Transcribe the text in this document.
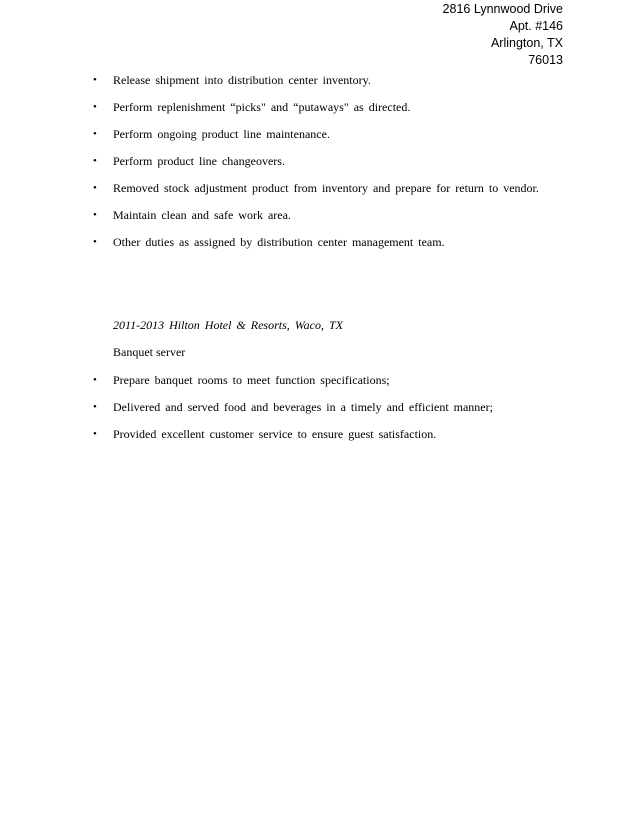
2816 Lynnwood Drive
Apt. #146
Arlington, TX
76013
• Release shipment into distribution center inventory.
• Perform replenishment “picks" and “putaways" as directed.
• Perform ongoing product line maintenance.
• Perform product line changeovers.
• Removed stock adjustment product from inventory and prepare for return to vendor.
• Maintain clean and safe work area.
• Other duties as assigned by distribution center management team.
2011-2013 Hilton Hotel & Resorts, Waco, TX
Banquet server
• Prepare banquet rooms to meet function specifications;
• Delivered and served food and beverages in a timely and efficient manner;
• Provided excellent customer service to ensure guest satisfaction.
